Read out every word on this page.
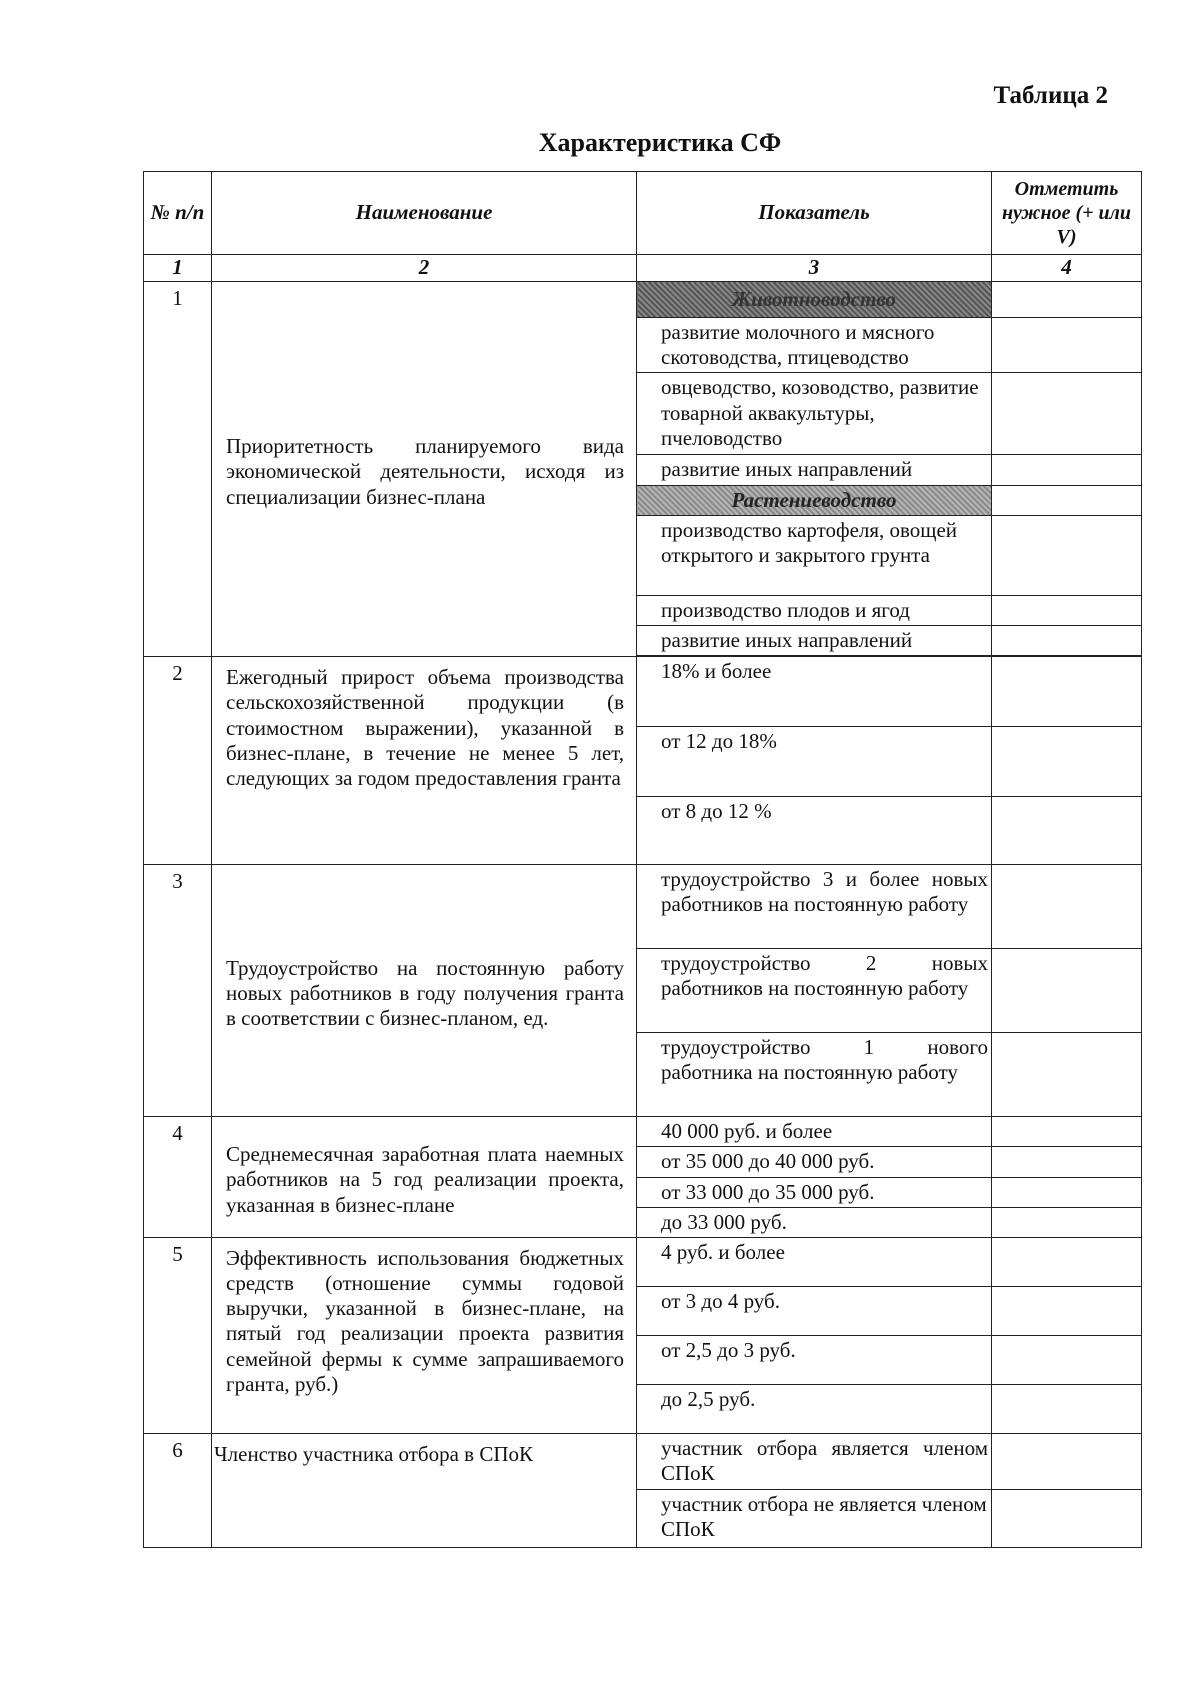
Таблица 2
Характеристика СФ
№ п/п	Наименование	Показатель	Отметить нужное (+ или V)
1	2	3	4
1	Приоритетность планируемого вида экономической деятельности, исходя из специализации бизнес-плана	Животноводство	
		развитие молочного и мясного скотоводства, птицеводство	
		овцеводство, козоводство, развитие товарной аквакультуры, пчеловодство	
		развитие иных направлений	
		Растениеводство	
		производство картофеля, овощей открытого и закрытого грунта	
		производство плодов и ягод	
		развитие иных направлений	

2	Ежегодный прирост объема производства сельскохозяйственной продукции (в стоимостном выражении), указанной в бизнес-плане, в течение не менее 5 лет, следующих за годом предоставления гранта	18% и более	
		от 12 до 18%	
		от 8 до 12 %	
3	Трудоустройство на постоянную работу новых работников в году получения гранта в соответствии с бизнес-планом, ед.	трудоустройство 3 и более новых работников на постоянную работу	
		трудоустройство 2 новых работников на постоянную работу	
		трудоустройство 1 нового работника на постоянную работу	
4	Среднемесячная заработная плата наемных работников на 5 год реализации проекта, указанная в бизнес-плане	40 000 руб. и более	
		от 35 000 до 40 000 руб.	
		от 33 000 до 35 000 руб.	
		до 33 000 руб.	
5	Эффективность использования бюджетных средств (отношение суммы годовой выручки, указанной в бизнес-плане, на пятый год реализации проекта развития семейной фермы к сумме запрашиваемого гранта, руб.)	4 руб. и более	
		от 3 до 4 руб.	
		от 2,5 до 3 руб.	
		до 2,5 руб.	
6	Членство участника отбора в СПоК	участник отбора является членом СПоК	
		участник отбора не является членом СПоК	
